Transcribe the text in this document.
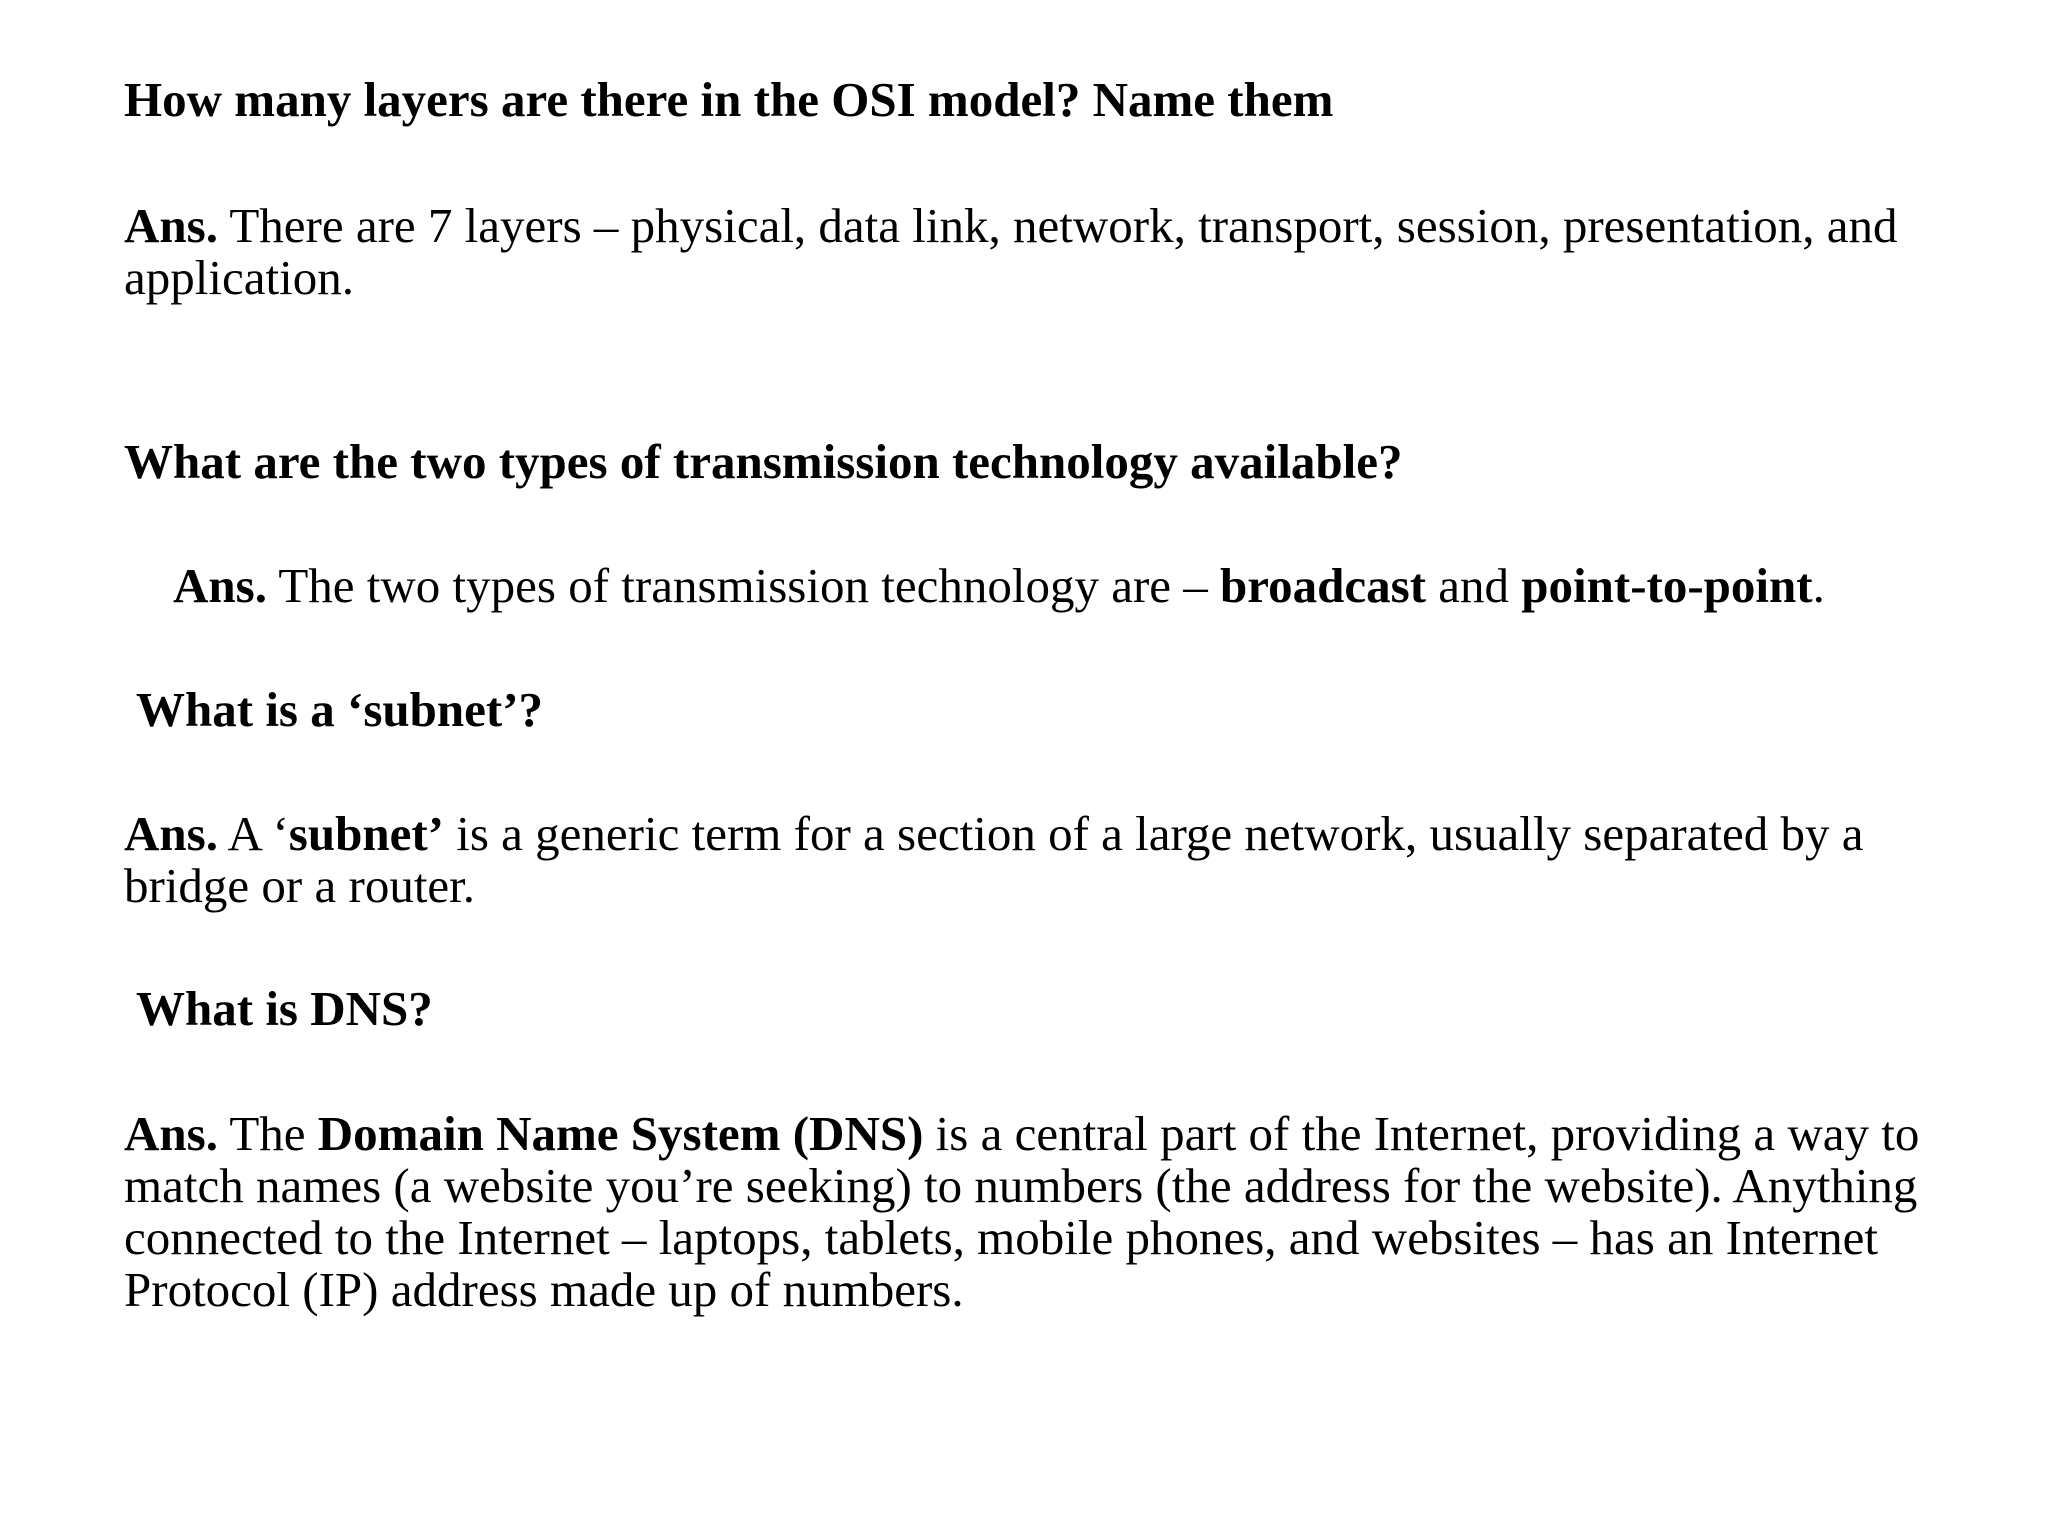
How many layers are there in the OSI model? Name them

Ans. There are 7 layers – physical, data link, network, transport, session, presentation, and application.

What are the two types of transmission technology available?

Ans. The two types of transmission technology are – broadcast and point-to-point.

What is a ‘subnet’?

Ans. A ‘subnet’ is a generic term for a section of a large network, usually separated by a bridge or a router.

What is DNS?

Ans. The Domain Name System (DNS) is a central part of the Internet, providing a way to match names (a website you’re seeking) to numbers (the address for the website). Anything connected to the Internet – laptops, tablets, mobile phones, and websites – has an Internet Protocol (IP) address made up of numbers.
